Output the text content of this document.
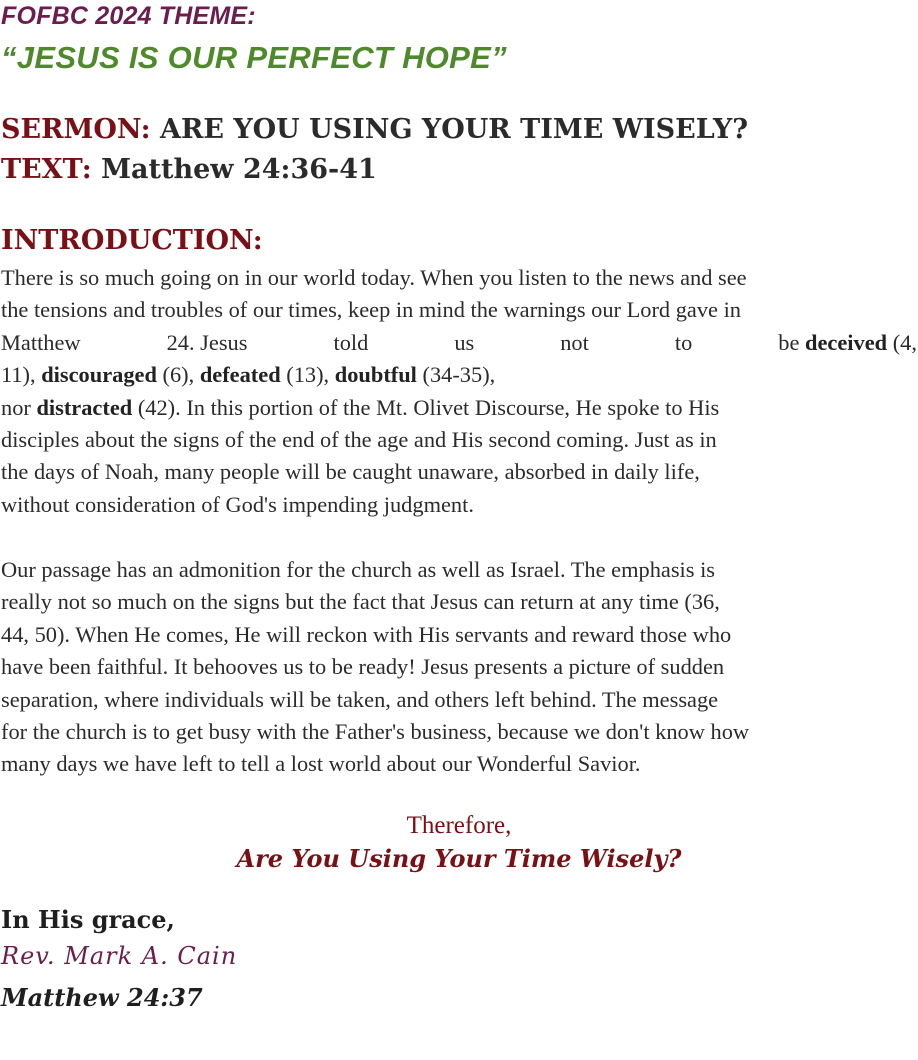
FOFBC 2024 THEME:
“JESUS IS OUR PERFECT HOPE”
SERMON: ARE YOU USING YOUR TIME WISELY?
TEXT: Matthew 24:36-41
INTRODUCTION:
There is so much going on in our world today. When you listen to the news and see
the tensions and troubles of our times, keep in mind the warnings our Lord gave in
Matthew	24. Jesus	told	us	not	to	be deceived (4,
11), discouraged (6), defeated (13), doubtful (34-35),
nor distracted (42). In this portion of the Mt. Olivet Discourse, He spoke to His
disciples about the signs of the end of the age and His second coming. Just as in
the days of Noah, many people will be caught unaware, absorbed in daily life,
without consideration of God's impending judgment.
Our passage has an admonition for the church as well as Israel. The emphasis is
really not so much on the signs but the fact that Jesus can return at any time (36,
44, 50). When He comes, He will reckon with His servants and reward those who
have been faithful. It behooves us to be ready! Jesus presents a picture of sudden
separation, where individuals will be taken, and others left behind. The message
for the church is to get busy with the Father's business, because we don't know how
many days we have left to tell a lost world about our Wonderful Savior.
Therefore,
Are You Using Your Time Wisely?
In His grace,
Rev. Mark A. Cain
Matthew 24:37
